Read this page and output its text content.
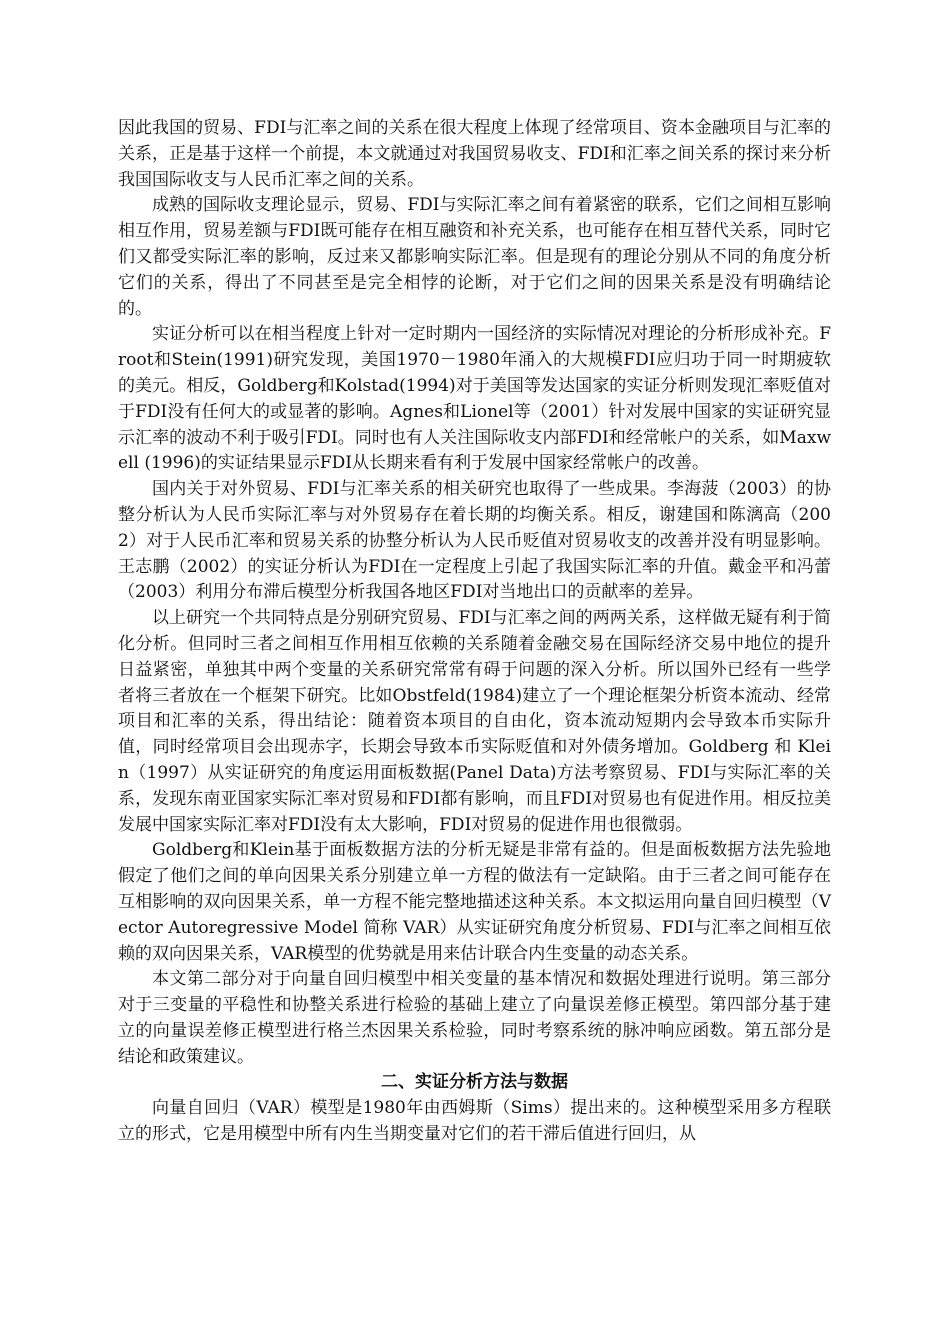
因此我国的贸易、FDI与汇率之间的关系在很大程度上体现了经常项目、资本金融项目与汇率的关系，正是基于这样一个前提，本文就通过对我国贸易收支、FDI和汇率之间关系的探讨来分析我国国际收支与人民币汇率之间的关系。

成熟的国际收支理论显示，贸易、FDI与实际汇率之间有着紧密的联系，它们之间相互影响相互作用，贸易差额与FDI既可能存在相互融资和补充关系，也可能存在相互替代关系，同时它们又都受实际汇率的影响，反过来又都影响实际汇率。但是现有的理论分别从不同的角度分析它们的关系，得出了不同甚至是完全相悖的论断，对于它们之间的因果关系是没有明确结论的。

实证分析可以在相当程度上针对一定时期内一国经济的实际情况对理论的分析形成补充。Froot和Stein(1991)研究发现，美国1970－1980年涌入的大规模FDI应归功于同一时期疲软的美元。相反，Goldberg和Kolstad(1994)对于美国等发达国家的实证分析则发现汇率贬值对于FDI没有任何大的或显著的影响。Agnes和Lionel等（2001）针对发展中国家的实证研究显示汇率的波动不利于吸引FDI。同时也有人关注国际收支内部FDI和经常帐户的关系，如Maxwell (1996)的实证结果显示FDI从长期来看有利于发展中国家经常帐户的改善。

国内关于对外贸易、FDI与汇率关系的相关研究也取得了一些成果。李海菠（2003）的协整分析认为人民币实际汇率与对外贸易存在着长期的均衡关系。相反，谢建国和陈漓高（2002）对于人民币汇率和贸易关系的协整分析认为人民币贬值对贸易收支的改善并没有明显影响。王志鹏（2002）的实证分析认为FDI在一定程度上引起了我国实际汇率的升值。戴金平和冯蕾（2003）利用分布滞后模型分析我国各地区FDI对当地出口的贡献率的差异。

以上研究一个共同特点是分别研究贸易、FDI与汇率之间的两两关系，这样做无疑有利于简化分析。但同时三者之间相互作用相互依赖的关系随着金融交易在国际经济交易中地位的提升日益紧密，单独其中两个变量的关系研究常常有碍于问题的深入分析。所以国外已经有一些学者将三者放在一个框架下研究。比如Obstfeld(1984)建立了一个理论框架分析资本流动、经常项目和汇率的关系，得出结论：随着资本项目的自由化，资本流动短期内会导致本币实际升值，同时经常项目会出现赤字，长期会导致本币实际贬值和对外债务增加。Goldberg 和 Klein（1997）从实证研究的角度运用面板数据(Panel Data)方法考察贸易、FDI与实际汇率的关系，发现东南亚国家实际汇率对贸易和FDI都有影响，而且FDI对贸易也有促进作用。相反拉美发展中国家实际汇率对FDI没有太大影响，FDI对贸易的促进作用也很微弱。

Goldberg和Klein基于面板数据方法的分析无疑是非常有益的。但是面板数据方法先验地假定了他们之间的单向因果关系分别建立单一方程的做法有一定缺陷。由于三者之间可能存在互相影响的双向因果关系，单一方程不能完整地描述这种关系。本文拟运用向量自回归模型（Vector Autoregressive Model 简称 VAR）从实证研究角度分析贸易、FDI与汇率之间相互依赖的双向因果关系，VAR模型的优势就是用来估计联合内生变量的动态关系。

本文第二部分对于向量自回归模型中相关变量的基本情况和数据处理进行说明。第三部分对于三变量的平稳性和协整关系进行检验的基础上建立了向量误差修正模型。第四部分基于建立的向量误差修正模型进行格兰杰因果关系检验，同时考察系统的脉冲响应函数。第五部分是结论和政策建议。

二、实证分析方法与数据

向量自回归（VAR）模型是1980年由西姆斯（Sims）提出来的。这种模型采用多方程联立的形式，它是用模型中所有内生当期变量对它们的若干滞后值进行回归，从
